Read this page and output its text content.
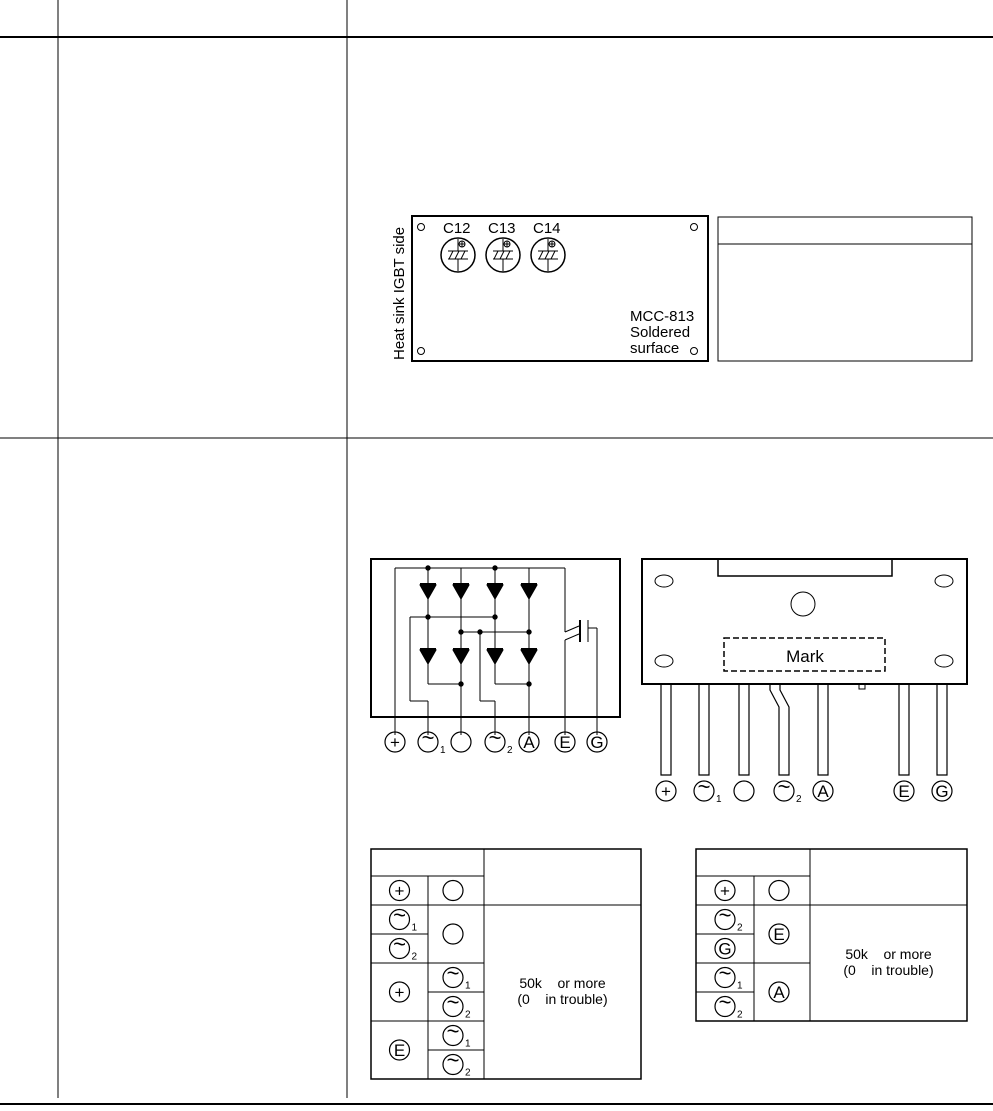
Heat sink IGBT side C12 C13 C14
MCC-813
Soldered
surface
+ ~
1
~
2 A E G
Mark
+ ~
1
~
2 A	E G
+
~
1
~
2
+
~
1
~
2
E
~
1
~
2
50k    or more
(0    in trouble)
+
~
2
G
E
~
1
~
2
A
50k    or more
(0    in trouble)
